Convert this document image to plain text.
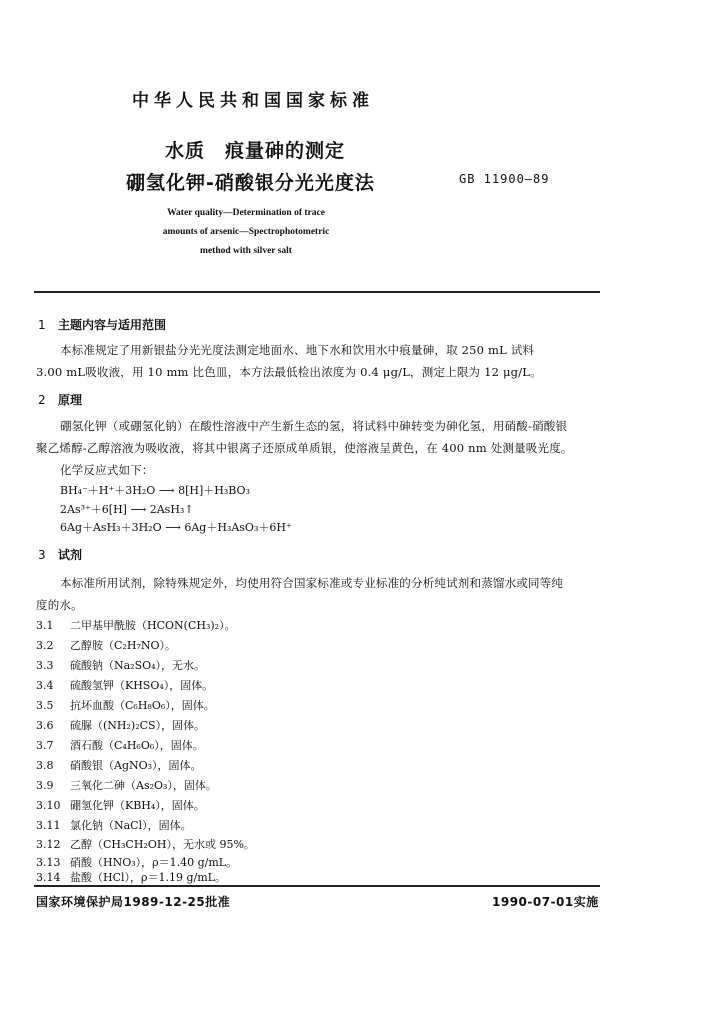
中华人民共和国国家标准
水质　痕量砷的测定
硼氢化钾-硝酸银分光光度法	GB 11900—89
Water quality—Determination of trace
amounts of arsenic—Spectrophotometric
method with silver salt
1 主题内容与适用范围
本标准规定了用新银盐分光光度法测定地面水、地下水和饮用水中痕量砷，取 250 mL 试料
3.00 mL吸收液，用 10 mm 比色皿，本方法最低检出浓度为 0.4 μg/L，测定上限为 12 μg/L。
2 原理
硼氢化钾（或硼氢化钠）在酸性溶液中产生新生态的氢，将试料中砷转变为砷化氢，用硝酸-硝酸银
聚乙烯醇-乙醇溶液为吸收液，将其中银离子还原成单质银，使溶液呈黄色，在 400 nm 处测量吸光度。
化学反应式如下：
BH₄⁻＋H⁺＋3H₂O ⟶ 8[H]＋H₃BO₃
2As³⁺＋6[H] ⟶ 2AsH₃↑
6Ag＋AsH₃＋3H₂O ⟶ 6Ag＋H₃AsO₃＋6H⁺
3 试剂
本标准所用试剂，除特殊规定外，均使用符合国家标准或专业标准的分析纯试剂和蒸馏水或同等纯
度的水。
3.1 二甲基甲酰胺（HCON(CH₃)₂）。
3.2 乙醇胺（C₂H₇NO）。
3.3 硫酸钠（Na₂SO₄），无水。
3.4 硫酸氢钾（KHSO₄），固体。
3.5 抗坏血酸（C₆H₈O₆），固体。
3.6 硫脲（(NH₂)₂CS），固体。
3.7 酒石酸（C₄H₆O₆），固体。
3.8 硝酸银（AgNO₃），固体。
3.9 三氧化二砷（As₂O₃），固体。
3.10 硼氢化钾（KBH₄），固体。
3.11 氯化钠（NaCl），固体。
3.12 乙醇（CH₃CH₂OH），无水或 95%。
3.13 硝酸（HNO₃），ρ＝1.40 g/mL。
国家环境保护局1989-12-25批准	1990-07-01实施
3.14 盐酸（HCl），ρ＝1.19 g/mL。
